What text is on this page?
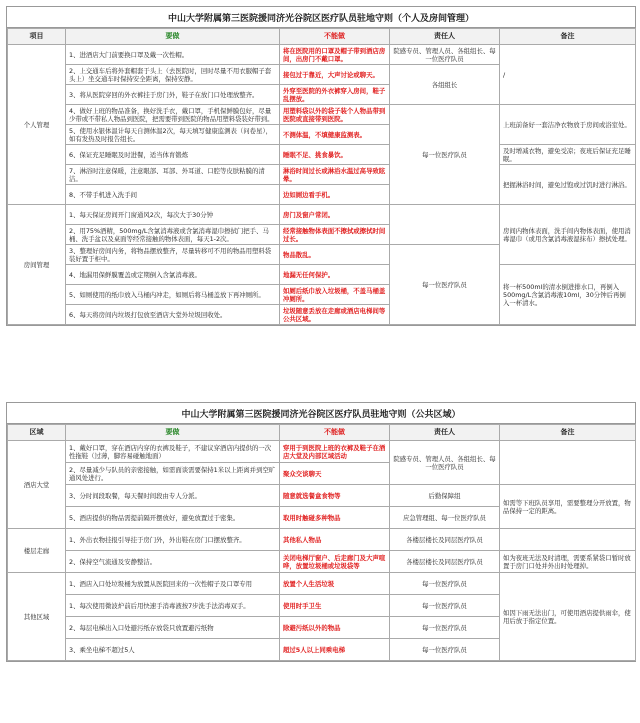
中山大学附属第三医院援同济光谷院区医疗队员驻地守则（个人及房间管理）
项目	要做	不能做	责任人	备注	
个人管理	1、进酒店大门前要换口罩及戴一次性帽。	将在医院用的口罩及帽子带到酒店房间，出房门不戴口罩。	院感专员、管理人员、各组组长、每一位医疗队员	/	
	2、上交通车后将外套帽套于头上（去医院时，回时尽量不用衣服帽子套头上）坐交通车时保持安全距离，保持安静。	接包过于靠近，大声讨论或聊天。	各组组长		
	3、将从医院穿回的外衣裤挂于房门外，鞋子在放门口处理放整齐。	外穿至医院的外衣裤穿入房间，鞋子乱摆放。			
	4、做好上班的物品准备，换好洗手衣，戴口罩，手机保鲜膜包好，尽量少带或不带私人物品到医院，把需要带到医院的物品用塑料袋装好带到。	用塑料袋以外的袋子装个人物品带到医院或直接带到医院。	每一位医疗队员	上班前备好一套洁净衣物放于房间或浴室处。	
	5、使用水银体温计每天自测体温2次，每天填写健康监测表（问卷星），如有发热及时报告组长。	不测体温，不填健康监测表。			
	6、保证充足睡眠及时进餐，适当体育锻炼	睡眠不足、挑食暴饮。		及时增减衣物，避免受凉；夜班后保证充足睡眠。	
	7、淋浴时注意保暖，注意眼部、耳部、外耳道、口腔等皮肤粘膜的清洁。	淋浴时间过长或淋浴水温过高导致眩晕。		把握淋浴时间，避免过饱或过饥时进行淋浴。	
	8、不带手机进入洗手间	边如厕边看手机。			
房间管理	1、每天保证房间开门窗通风2次，每次大于30分钟	房门及窗户常闭。		房间内物体表面，洗手间内物体表面，使用消毒湿巾（或用含氯消毒液湿抹布）擦拭处理。	
	2、用75%酒精，500mg/L含氯消毒液或含氯消毒湿巾擦拭门把手、马桶、洗手盆以及桌面等经常接触的物体表面，每天1-2次。	经常接触物体表面不擦拭或擦拭时间过长。			
	3、整理好房间内务，将物品摆放整齐，尽量转移可不用的物品用塑料袋装好置于柜中。	物品散乱。	每一位医疗队员		
	4、地漏用保鲜膜覆盖或定期倒入含氯消毒液。	地漏无任何保护。		将一杯500ml的清水倒进排水口，再倒入500mg/L含氯消毒液10ml，30分钟后再倒入一杯清水。	
	5、如厕使用的纸巾放入马桶内冲走，如厕后将马桶盖放下再冲厕所。	如厕后纸巾放入垃圾桶，不盖马桶盖冲厕所。			
	6、每天将房间内垃圾打包放至酒店大堂外垃圾回收处。	垃圾随意丢放在走廊或酒店电梯间等公共区域。			
中山大学附属第三医院援同济光谷院区医疗队员驻地守则（公共区域）
区域	要做	不能做	责任人	备注	
酒店大堂	1、戴好口罩，穿在酒店内穿的衣裤及鞋子，不建议穿酒店内提供的一次性拖鞋（过薄，脚容易碰触地面）	穿用于到医院上班的衣裤及鞋子在酒店大堂及内部区域活动	院感专员、管理人员、各组组长、每一位医疗队员		
	2、尽量减少与队员的亲密接触，如需面谈需要保持1米以上距离并到空旷通风处进行。	聚众交谈聊天			
	3、分时间段取餐，每天餐时间段由专人分派。	随意就选餐盒食物等	后勤保障组	如需等下班队员享用，需要整理分开放置，物品保持一定的距离。	
	5、酒店提供的物品需提前隔开摆放好，避免放置过于密集。	取用时触碰多种物品	应急管理组、每一位医疗队员		
楼层走廊	1、外出衣物挂报引导挂于房门外，外出鞋在房门口摆放整齐。	其他私人物品	各楼层楼长及同层医疗队员		
	2、保持空气流通及安静整洁。	关闭电梯厅窗户、后走廊门及大声喧哗，放置垃圾桶或垃圾袋等	各楼层楼长及同层医疗队员	如为夜班无法及时清理，需要系紧袋口暂时放置于房门口处并外出时处理掉。	
其他区域	1、酒店入口处垃圾桶为放置从医院回来的一次性帽子及口罩专用	放置个人生活垃圾	每一位医疗队员	如因下雨无法出门，可使用酒店提供雨伞，使用后放于指定位置。	
	1、每次使用微波炉前后用快速手消毒液按7步洗手法消毒双手。	使用时手卫生	每一位医疗队员		
	2、每层电梯出入口处避污纸存放袋只放置避污纸物	除避污纸以外的物品	每一位医疗队员		
	3、乘坐电梯不超过5人	超过5人以上同乘电梯	每一位医疗队员		
